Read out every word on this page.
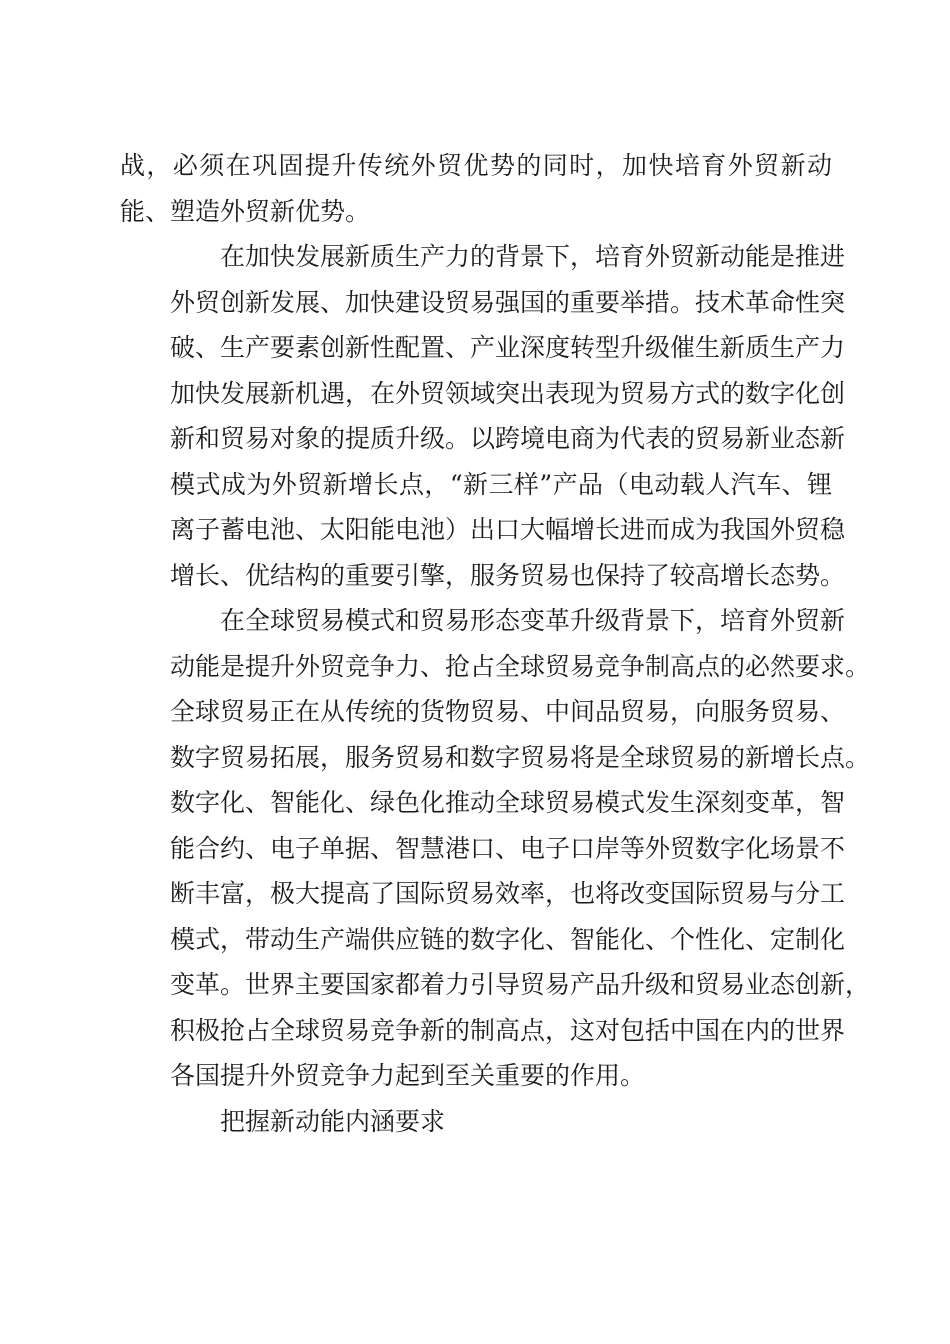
战，必须在巩固提升传统外贸优势的同时，加快培育外贸新动
能、塑造外贸新优势。

在加快发展新质生产力的背景下，培育外贸新动能是推进
外贸创新发展、加快建设贸易强国的重要举措。技术革命性突
破、生产要素创新性配置、产业深度转型升级催生新质生产力
加快发展新机遇，在外贸领域突出表现为贸易方式的数字化创
新和贸易对象的提质升级。以跨境电商为代表的贸易新业态新
模式成为外贸新增长点，“新三样”产品（电动载人汽车、锂
离子蓄电池、太阳能电池）出口大幅增长进而成为我国外贸稳
增长、优结构的重要引擎，服务贸易也保持了较高增长态势。

在全球贸易模式和贸易形态变革升级背景下，培育外贸新
动能是提升外贸竞争力、抢占全球贸易竞争制高点的必然要求。
全球贸易正在从传统的货物贸易、中间品贸易，向服务贸易、
数字贸易拓展，服务贸易和数字贸易将是全球贸易的新增长点。
数字化、智能化、绿色化推动全球贸易模式发生深刻变革，智
能合约、电子单据、智慧港口、电子口岸等外贸数字化场景不
断丰富，极大提高了国际贸易效率，也将改变国际贸易与分工
模式，带动生产端供应链的数字化、智能化、个性化、定制化
变革。世界主要国家都着力引导贸易产品升级和贸易业态创新，
积极抢占全球贸易竞争新的制高点，这对包括中国在内的世界
各国提升外贸竞争力起到至关重要的作用。

把握新动能内涵要求
